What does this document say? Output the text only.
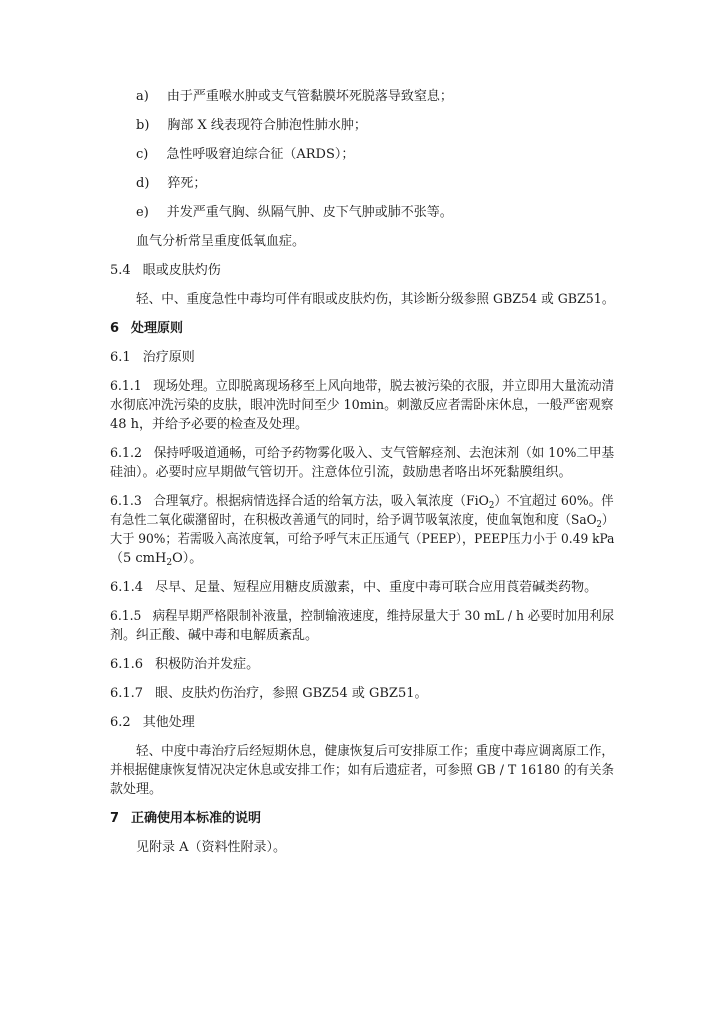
a) 由于严重喉水肿或支气管黏膜坏死脱落导致窒息；
b) 胸部 X 线表现符合肺泡性肺水肿；
c) 急性呼吸窘迫综合征（ARDS）；
d) 猝死；
e) 并发严重气胸、纵隔气肿、皮下气肿或肺不张等。
血气分析常呈重度低氧血症。
5.4 眼或皮肤灼伤
轻、中、重度急性中毒均可伴有眼或皮肤灼伤，其诊断分级参照 GBZ54 或 GBZ51。
6 处理原则
6.1 治疗原则
6.1.1 现场处理。立即脱离现场移至上风向地带，脱去被污染的衣服，并立即用大量流动清
水彻底冲洗污染的皮肤，眼冲洗时间至少 10min。刺激反应者需卧床休息，一般严密观察
48 h，并给予必要的检查及处理。
6.1.2 保持呼吸道通畅，可给予药物雾化吸入、支气管解痉剂、去泡沫剂（如 10%二甲基
硅油）。必要时应早期做气管切开。注意体位引流，鼓励患者咯出坏死黏膜组织。
6.1.3 合理氧疗。根据病情选择合适的给氧方法，吸入氧浓度（FiO$_2$）不宜超过 60%。伴
有急性二氧化碳潴留时，在积极改善通气的同时，给予调节吸氧浓度，使血氧饱和度（SaO$_2$）
大于 90%；若需吸入高浓度氧，可给予呼气末正压通气（PEEP），PEEP压力小于 0.49 kPa
（5 cmH$_2$O）。
6.1.4 尽早、足量、短程应用糖皮质激素，中、重度中毒可联合应用莨菪碱类药物。
6.1.5 病程早期严格限制补液量，控制输液速度，维持尿量大于 30 mL / h 必要时加用利尿
剂。纠正酸、碱中毒和电解质紊乱。
6.1.6 积极防治并发症。
6.1.7 眼、皮肤灼伤治疗，参照 GBZ54 或 GBZ51。
6.2 其他处理
轻、中度中毒治疗后经短期休息，健康恢复后可安排原工作；重度中毒应调离原工作，
并根据健康恢复情况决定休息或安排工作；如有后遗症者，可参照 GB / T 16180 的有关条
款处理。
7 正确使用本标准的说明
见附录 A（资料性附录）。
